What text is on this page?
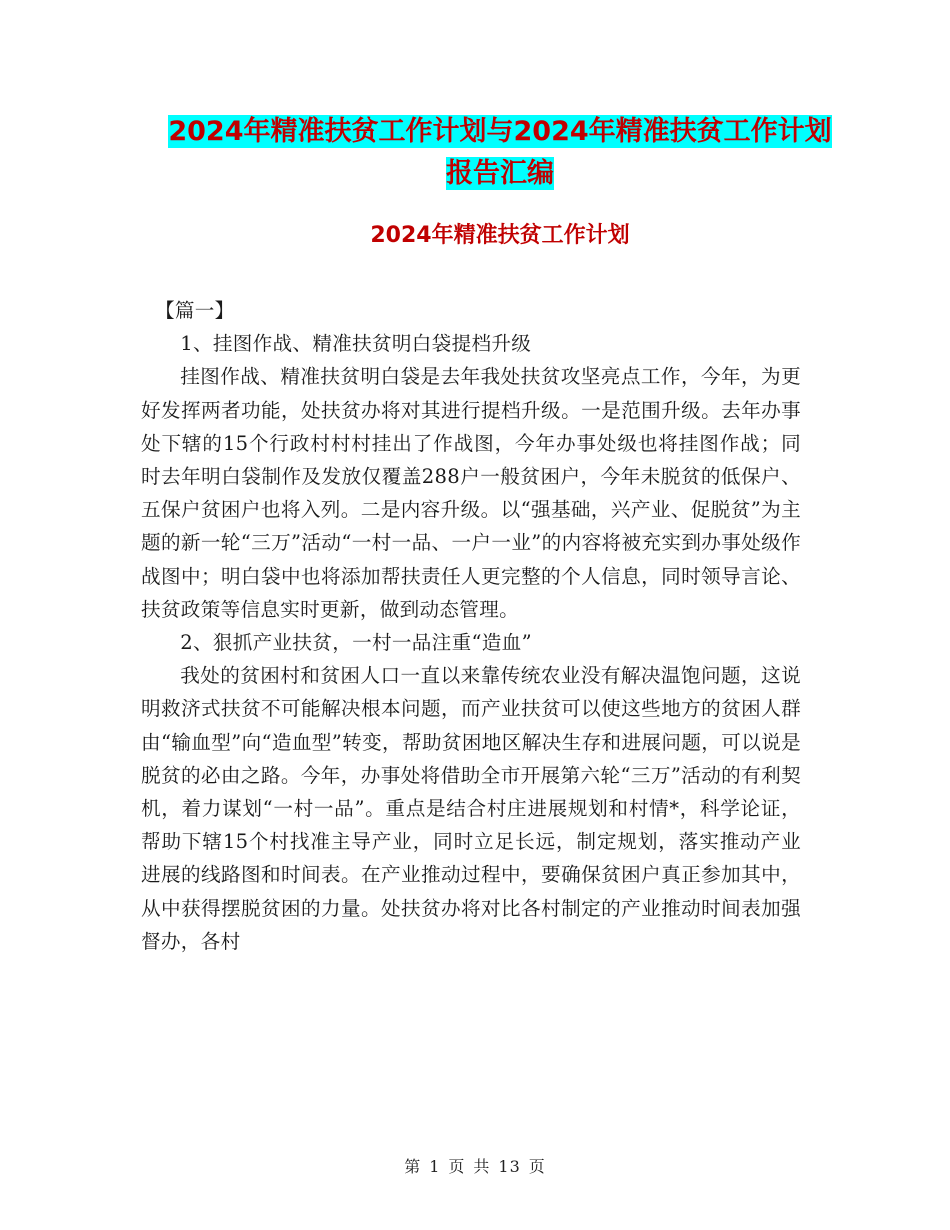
2024年精准扶贫工作计划与2024年精准扶贫工作计划
报告汇编
2024年精准扶贫工作计划

【篇一】

1、挂图作战、精准扶贫明白袋提档升级

挂图作战、精准扶贫明白袋是去年我处扶贫攻坚亮点工作，今年，为更好发挥两者功能，处扶贫办将对其进行提档升级。一是范围升级。去年办事处下辖的15个行政村村村挂出了作战图，今年办事处级也将挂图作战；同时去年明白袋制作及发放仅覆盖288户一般贫困户，今年未脱贫的低保户、五保户贫困户也将入列。二是内容升级。以“强基础，兴产业、促脱贫”为主题的新一轮“三万”活动“一村一品、一户一业”的内容将被充实到办事处级作战图中；明白袋中也将添加帮扶责任人更完整的个人信息，同时领导言论、扶贫政策等信息实时更新，做到动态管理。

2、狠抓产业扶贫，一村一品注重“造血”

我处的贫困村和贫困人口一直以来靠传统农业没有解决温饱问题，这说明救济式扶贫不可能解决根本问题，而产业扶贫可以使这些地方的贫困人群由“输血型”向“造血型”转变，帮助贫困地区解决生存和进展问题，可以说是脱贫的必由之路。今年，办事处将借助全市开展第六轮“三万”活动的有利契机，着力谋划“一村一品”。重点是结合村庄进展规划和村情*，科学论证，帮助下辖15个村找准主导产业，同时立足长远，制定规划，落实推动产业进展的线路图和时间表。在产业推动过程中，要确保贫困户真正参加其中，从中获得摆脱贫困的力量。处扶贫办将对比各村制定的产业推动时间表加强督办，各村

第 1 页 共 13 页
